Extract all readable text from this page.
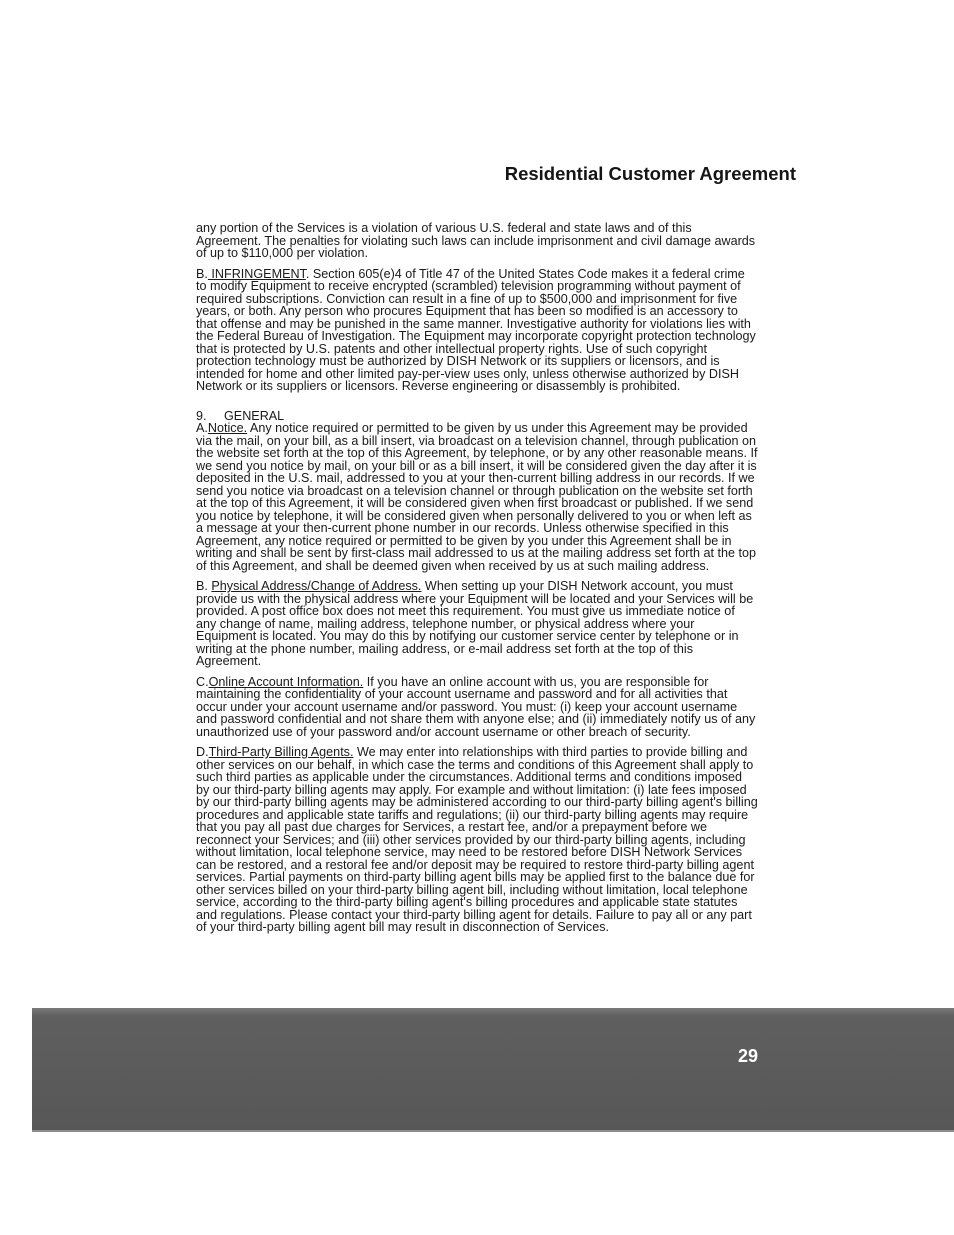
Residential Customer Agreement

any portion of the Services is a violation of various U.S. federal and state laws and of this Agreement. The penalties for violating such laws can include imprisonment and civil damage awards of up to $110,000 per violation.

B. INFRINGEMENT. Section 605(e)4 of Title 47 of the United States Code makes it a federal crime to modify Equipment to receive encrypted (scrambled) television programming without payment of required subscriptions. Conviction can result in a fine of up to $500,000 and imprisonment for five years, or both. Any person who procures Equipment that has been so modified is an accessory to that offense and may be punished in the same manner. Investigative authority for violations lies with the Federal Bureau of Investigation. The Equipment may incorporate copyright protection technology that is protected by U.S. patents and other intellectual property rights. Use of such copyright protection technology must be authorized by DISH Network or its suppliers or licensors, and is intended for home and other limited pay-per-view uses only, unless otherwise authorized by DISH Network or its suppliers or licensors. Reverse engineering or disassembly is prohibited.

9. GENERAL

A.Notice. Any notice required or permitted to be given by us under this Agreement may be provided via the mail, on your bill, as a bill insert, via broadcast on a television channel, through publication on the website set forth at the top of this Agreement, by telephone, or by any other reasonable means. If we send you notice by mail, on your bill or as a bill insert, it will be considered given the day after it is deposited in the U.S. mail, addressed to you at your then-current billing address in our records. If we send you notice via broadcast on a television channel or through publication on the website set forth at the top of this Agreement, it will be considered given when first broadcast or published. If we send you notice by telephone, it will be considered given when personally delivered to you or when left as a message at your then-current phone number in our records. Unless otherwise specified in this Agreement, any notice required or permitted to be given by you under this Agreement shall be in writing and shall be sent by first-class mail addressed to us at the mailing address set forth at the top of this Agreement, and shall be deemed given when received by us at such mailing address.

B. Physical Address/Change of Address. When setting up your DISH Network account, you must provide us with the physical address where your Equipment will be located and your Services will be provided. A post office box does not meet this requirement. You must give us immediate notice of any change of name, mailing address, telephone number, or physical address where your Equipment is located. You may do this by notifying our customer service center by telephone or in writing at the phone number, mailing address, or e-mail address set forth at the top of this Agreement.

C.Online Account Information. If you have an online account with us, you are responsible for maintaining the confidentiality of your account username and password and for all activities that occur under your account username and/or password. You must: (i) keep your account username and password confidential and not share them with anyone else; and (ii) immediately notify us of any unauthorized use of your password and/or account username or other breach of security.

D.Third-Party Billing Agents. We may enter into relationships with third parties to provide billing and other services on our behalf, in which case the terms and conditions of this Agreement shall apply to such third parties as applicable under the circumstances. Additional terms and conditions imposed by our third-party billing agents may apply. For example and without limitation: (i) late fees imposed by our third-party billing agents may be administered according to our third-party billing agent's billing procedures and applicable state tariffs and regulations; (ii) our third-party billing agents may require that you pay all past due charges for Services, a restart fee, and/or a prepayment before we reconnect your Services; and (iii) other services provided by our third-party billing agents, including without limitation, local telephone service, may need to be restored before DISH Network Services can be restored, and a restoral fee and/or deposit may be required to restore third-party billing agent services. Partial payments on third-party billing agent bills may be applied first to the balance due for other services billed on your third-party billing agent bill, including without limitation, local telephone service, according to the third-party billing agent's billing procedures and applicable state statutes and regulations. Please contact your third-party billing agent for details. Failure to pay all or any part of your third-party billing agent bill may result in disconnection of Services.

29
